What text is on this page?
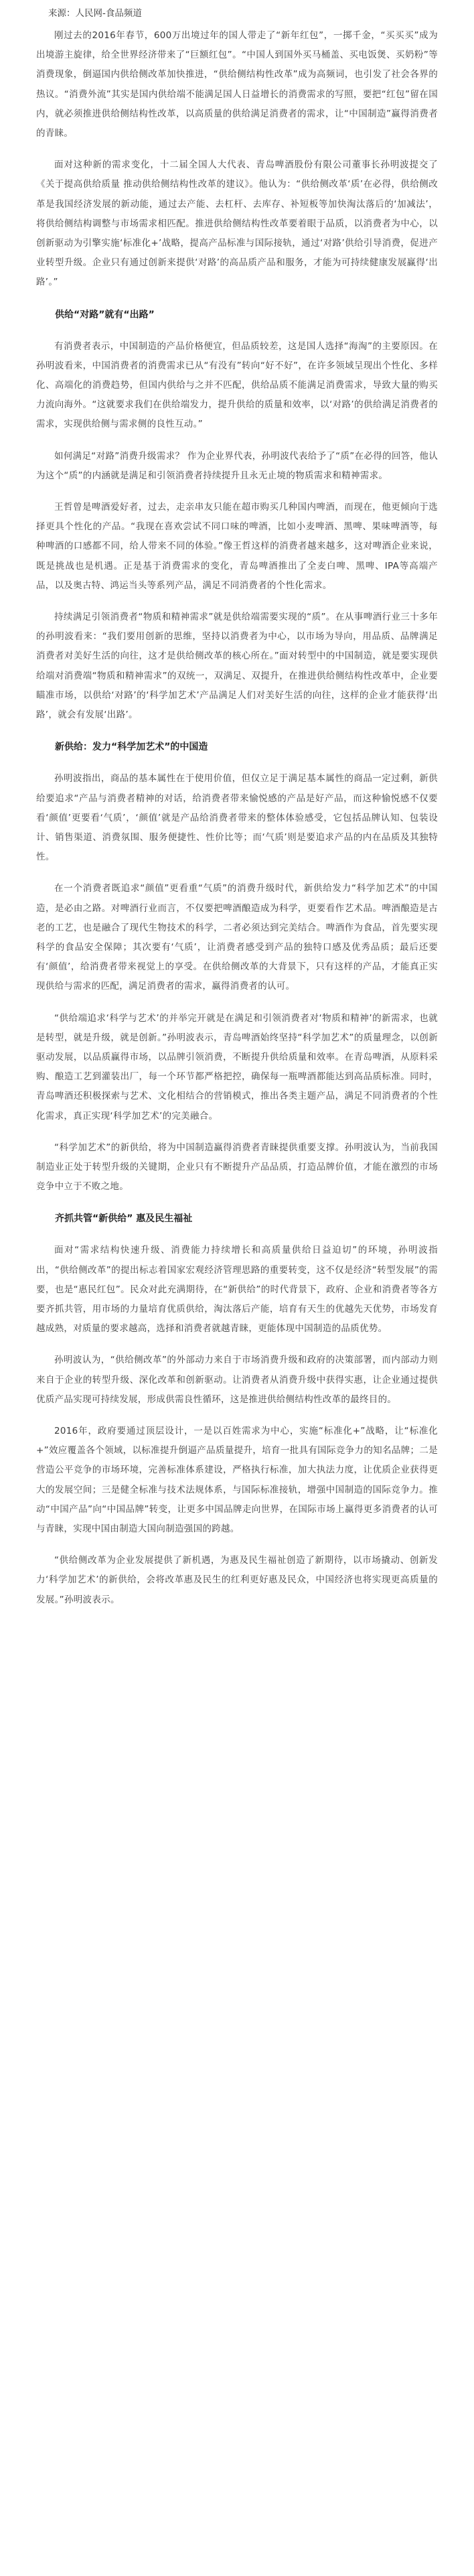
来源：人民网-食品频道

刚过去的2016年春节，600万出境过年的国人带走了“新年红包”，一掷千金，“买买买”成为出境游主旋律，给全世界经济带来了“巨额红包”。“中国人到国外买马桶盖、买电饭煲、买奶粉”等消费现象，倒逼国内供给侧改革加快推进，“供给侧结构性改革”成为高频词，也引发了社会各界的热议。“消费外流”其实是国内供给端不能满足国人日益增长的消费需求的写照，要把“红包”留在国内，就必须推进供给侧结构性改革，以高质量的供给满足消费者的需求，让“中国制造”赢得消费者的青睐。

面对这种新的需求变化，十二届全国人大代表、青岛啤酒股份有限公司董事长孙明波提交了《关于提高供给质量 推动供给侧结构性改革的建议》。他认为：“供给侧改革‘质’在必得，供给侧改革是我国经济发展的新动能，通过去产能、去杠杆、去库存、补短板等加快淘汰落后的‘加减法’，将供给侧结构调整与市场需求相匹配。推进供给侧结构性改革要着眼于品质，以消费者为中心，以创新驱动为引擎实施‘标准化+’战略，提高产品标准与国际接轨，通过‘对路’供给引导消费，促进产业转型升级。企业只有通过创新来提供‘对路’的高品质产品和服务，才能为可持续健康发展赢得‘出路’。”

供给“对路”就有“出路”

有消费者表示，中国制造的产品价格便宜，但品质较差，这是国人选择“海淘”的主要原因。在孙明波看来，中国消费者的消费需求已从“有没有”转向“好不好”，在许多领域呈现出个性化、多样化、高端化的消费趋势，但国内供给与之并不匹配，供给品质不能满足消费需求，导致大量的购买力流向海外。“这就要求我们在供给端发力，提升供给的质量和效率，以‘对路’的供给满足消费者的需求，实现供给侧与需求侧的良性互动。”

如何满足“对路”消费升级需求？ 作为企业界代表，孙明波代表给予了“质”在必得的回答，他认为这个“质”的内涵就是满足和引领消费者持续提升且永无止境的物质需求和精神需求。

王哲曾是啤酒爱好者，过去，走亲串友只能在超市购买几种国内啤酒，而现在，他更倾向于选择更具个性化的产品。“我现在喜欢尝试不同口味的啤酒，比如小麦啤酒、黑啤、果味啤酒等，每种啤酒的口感都不同，给人带来不同的体验。”像王哲这样的消费者越来越多，这对啤酒企业来说，既是挑战也是机遇。正是基于消费需求的变化，青岛啤酒推出了全麦白啤、黑啤、IPA等高端产品，以及奥古特、鸿运当头等系列产品，满足不同消费者的个性化需求。

持续满足引领消费者“物质和精神需求”就是供给端需要实现的“质”。在从事啤酒行业三十多年的孙明波看来：“我们要用创新的思维，坚持以消费者为中心，以市场为导向，用品质、品牌满足消费者对美好生活的向往，这才是供给侧改革的核心所在。”面对转型中的中国制造，就是要实现供给端对消费端“物质和精神需求”的双统一，双满足、双提升，在推进供给侧结构性改革中，企业要瞄准市场，以供给‘对路’的‘科学加艺术’产品满足人们对美好生活的向往，这样的企业才能获得‘出路’，就会有发展‘出路’。

新供给：发力“科学加艺术”的中国造

孙明波指出，商品的基本属性在于使用价值，但仅立足于满足基本属性的商品一定过剩，新供给要追求“产品与消费者精神的对话，给消费者带来愉悦感的产品是好产品，而这种愉悦感不仅要看‘颜值’更要看‘气质’，‘颜值’就是产品给消费者带来的整体体验感受，它包括品牌认知、包装设计、销售渠道、消费氛围、服务便捷性、性价比等；而‘气质’则是要追求产品的内在品质及其独特性。

在一个消费者既追求“颜值”更看重“气质”的消费升级时代，新供给发力“科学加艺术”的中国造，是必由之路。对啤酒行业而言，不仅要把啤酒酿造成为科学，更要看作艺术品。啤酒酿造是古老的工艺，也是融合了现代生物技术的科学，二者必须达到完美结合。啤酒作为食品，首先要实现科学的食品安全保障；其次要有‘气质’，让消费者感受到产品的独特口感及优秀品质；最后还要有‘颜值’，给消费者带来视觉上的享受。在供给侧改革的大背景下，只有这样的产品，才能真正实现供给与需求的匹配，满足消费者的需求，赢得消费者的认可。

“供给端追求‘科学与艺术’的并举完开就是在满足和引领消费者对‘物质和精神’的新需求，也就是转型，就是升级，就是创新。”孙明波表示，青岛啤酒始终坚持“科学加艺术”的质量理念，以创新驱动发展，以品质赢得市场，以品牌引领消费，不断提升供给质量和效率。在青岛啤酒，从原料采购、酿造工艺到灌装出厂，每一个环节都严格把控，确保每一瓶啤酒都能达到高品质标准。同时，青岛啤酒还积极探索与艺术、文化相结合的营销模式，推出各类主题产品，满足不同消费者的个性化需求，真正实现‘科学加艺术’的完美融合。

“科学加艺术”的新供给，将为中国制造赢得消费者青睐提供重要支撑。孙明波认为，当前我国制造业正处于转型升级的关键期，企业只有不断提升产品品质，打造品牌价值，才能在激烈的市场竞争中立于不败之地。

齐抓共管“新供给” 惠及民生福祉

面对“需求结构快速升级、消费能力持续增长和高质量供给日益迫切”的环境，孙明波指出，“供给侧改革”的提出标志着国家宏观经济管理思路的重要转变，这不仅是经济“转型发展”的需要，也是“惠民红包”。民众对此充满期待，在“新供给”的时代背景下，政府、企业和消费者等各方要齐抓共管，用市场的力量培育优质供给，淘汰落后产能，培育有天生的优越先天优势，市场发育越成熟，对质量的要求越高，选择和消费者就越青睐，更能体现中国制造的品质优势。

孙明波认为，“供给侧改革”的外部动力来自于市场消费升级和政府的决策部署，而内部动力则来自于企业的转型升级、深化改革和创新驱动。让消费者从消费升级中获得实惠，让企业通过提供优质产品实现可持续发展，形成供需良性循环，这是推进供给侧结构性改革的最终目的。

2016年，政府要通过顶层设计，一是以百姓需求为中心，实施“标准化+”战略，让“标准化+”效应覆盖各个领域，以标准提升倒逼产品质量提升，培育一批具有国际竞争力的知名品牌；二是营造公平竞争的市场环境，完善标准体系建设，严格执行标准，加大执法力度，让优质企业获得更大的发展空间；三是健全标准与技术法规体系，与国际标准接轨，增强中国制造的国际竞争力。推动“中国产品”向“中国品牌”转变，让更多中国品牌走向世界，在国际市场上赢得更多消费者的认可与青睐，实现中国由制造大国向制造强国的跨越。

“供给侧改革为企业发展提供了新机遇，为惠及民生福祉创造了新期待，以市场撬动、创新发力‘科学加艺术’的新供给，会将改革惠及民生的红利更好惠及民众，中国经济也将实现更高质量的发展。”孙明波表示。
